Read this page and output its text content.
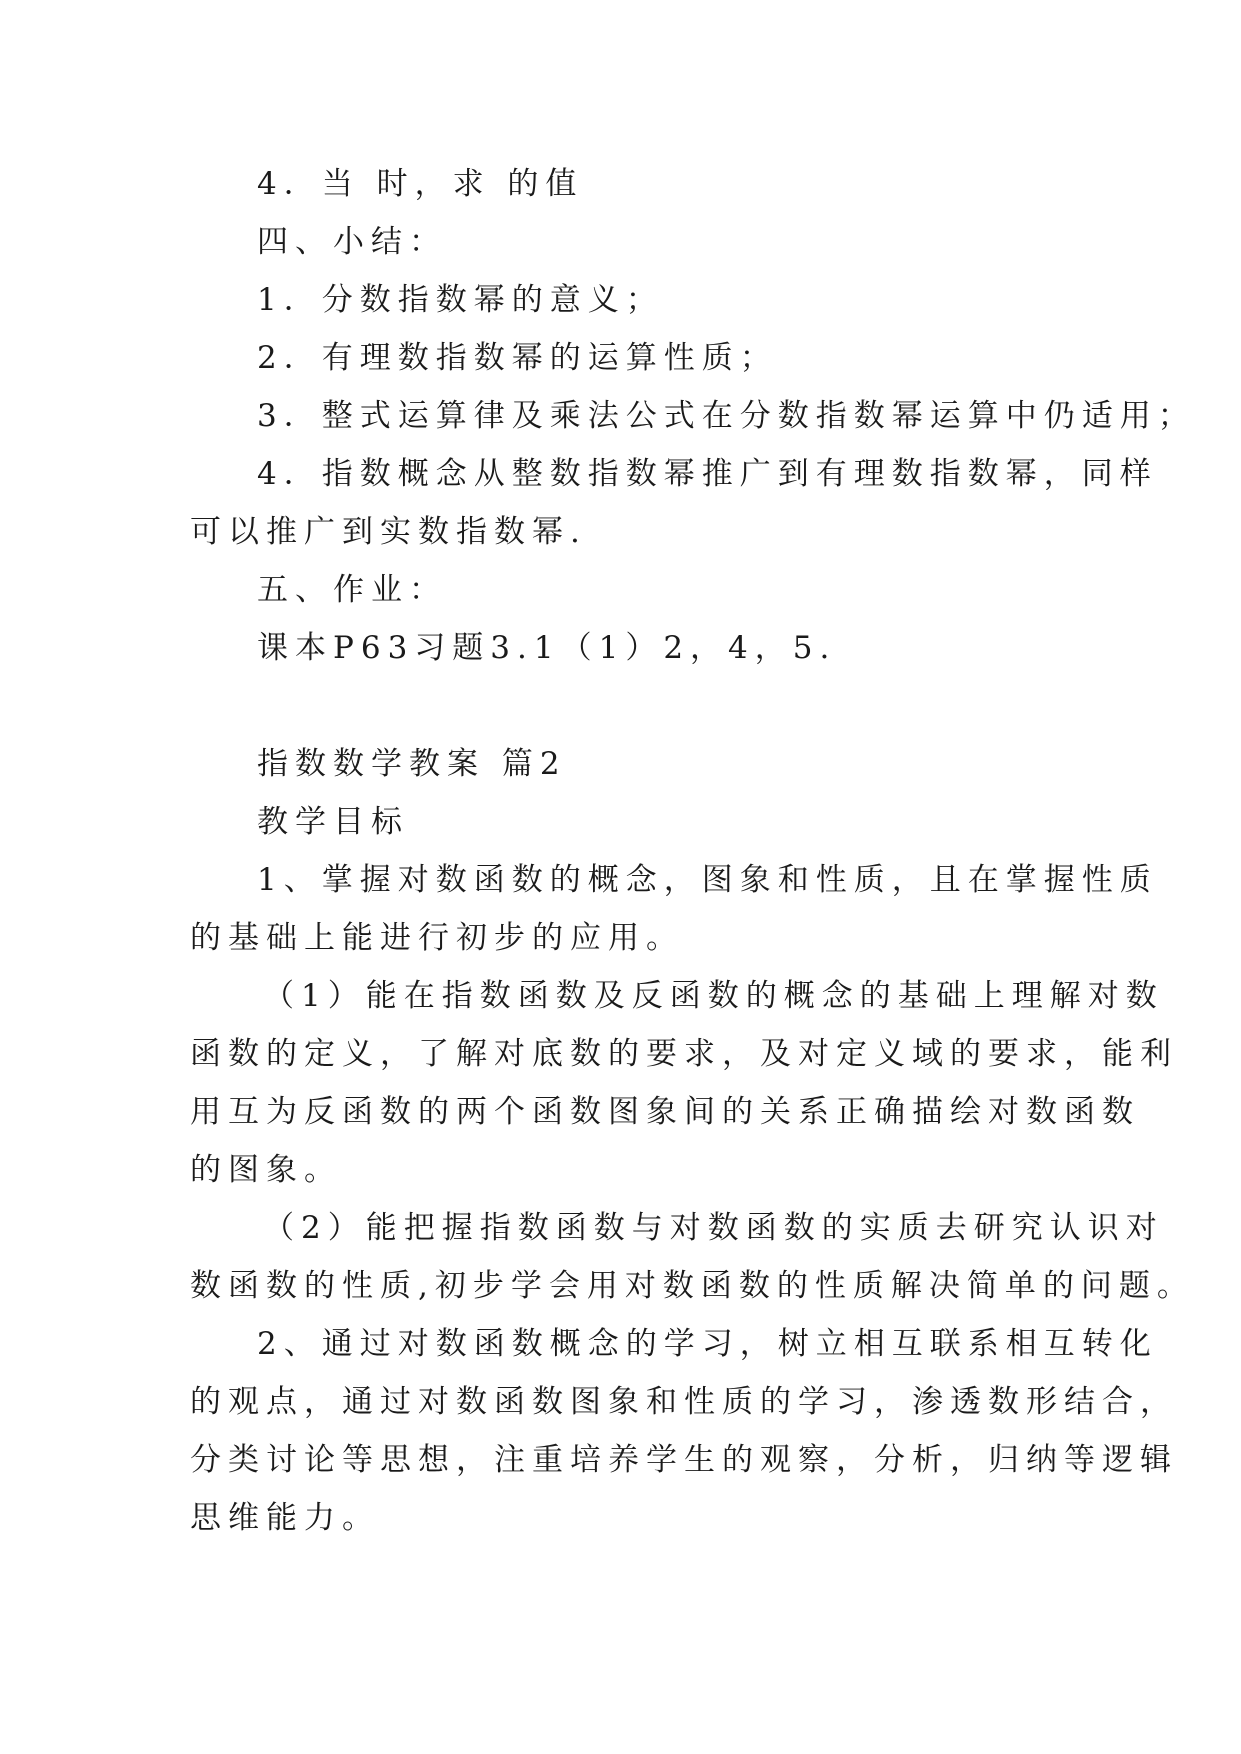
4．当 时，求 的值
四、小结：
1．分数指数幂的意义；
2．有理数指数幂的运算性质；
3．整式运算律及乘法公式在分数指数幂运算中仍适用；
4．指数概念从整数指数幂推广到有理数指数幂，同样
可以推广到实数指数幂.
五、作业：
课本P63习题3.1（1）2，4，5.
指数数学教案 篇2
教学目标
1、掌握对数函数的概念，图象和性质，且在掌握性质
的基础上能进行初步的应用。
（1）能在指数函数及反函数的概念的基础上理解对数
函数的定义，了解对底数的要求，及对定义域的要求，能利
用互为反函数的两个函数图象间的关系正确描绘对数函数
的图象。
（2）能把握指数函数与对数函数的实质去研究认识对
数函数的性质,初步学会用对数函数的性质解决简单的问题。
2、通过对数函数概念的学习，树立相互联系相互转化
的观点，通过对数函数图象和性质的学习，渗透数形结合，
分类讨论等思想，注重培养学生的观察，分析，归纳等逻辑
思维能力。
